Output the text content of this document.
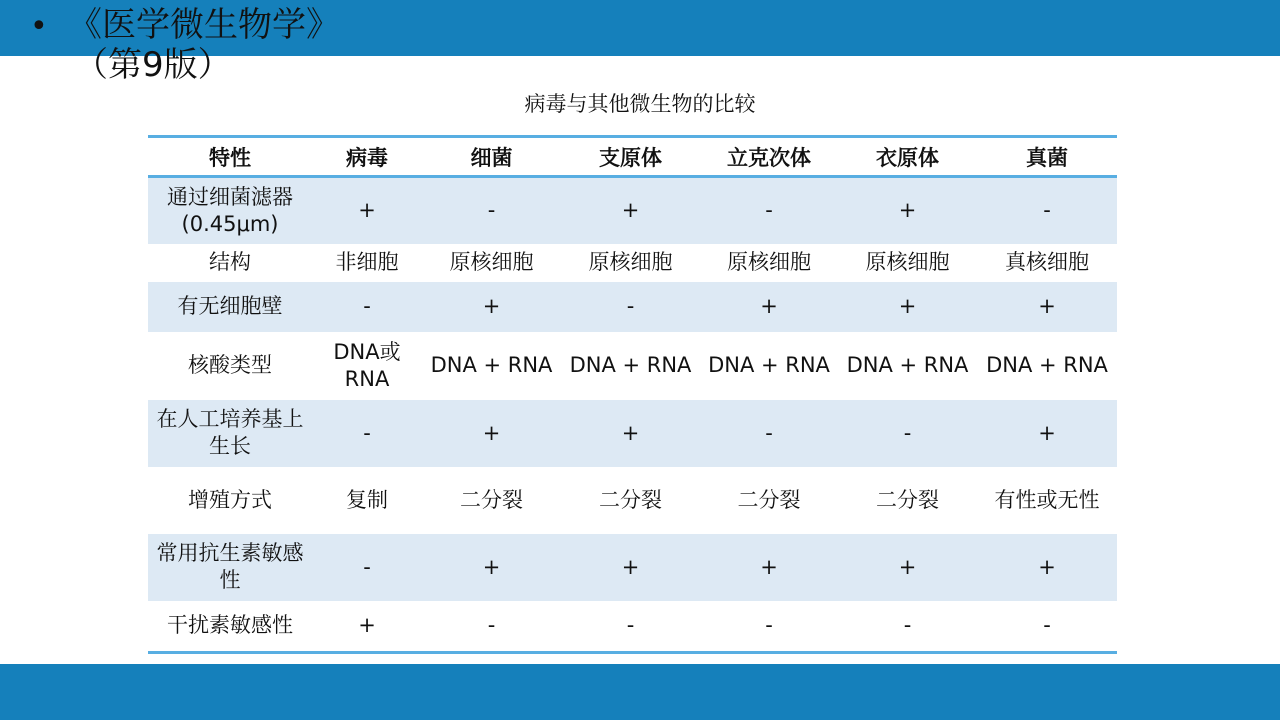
• 《医学微生物学》
（第9版）
病毒与其他微生物的比较
特性	病毒	细菌	支原体	立克次体	衣原体	真菌
通过细菌滤器(0.45μm)	+	-	+	-	+	-
结构	非细胞	原核细胞	原核细胞	原核细胞	原核细胞	真核细胞
有无细胞壁	-	+	-	+	+	+
核酸类型	DNA或RNA	DNA + RNA	DNA + RNA	DNA + RNA	DNA + RNA	DNA + RNA
在人工培养基上生长	-	+	+	-	-	+
增殖方式	复制	二分裂	二分裂	二分裂	二分裂	有性或无性
常用抗生素敏感性	-	+	+	+	+	+
干扰素敏感性	+	-	-	-	-	-
